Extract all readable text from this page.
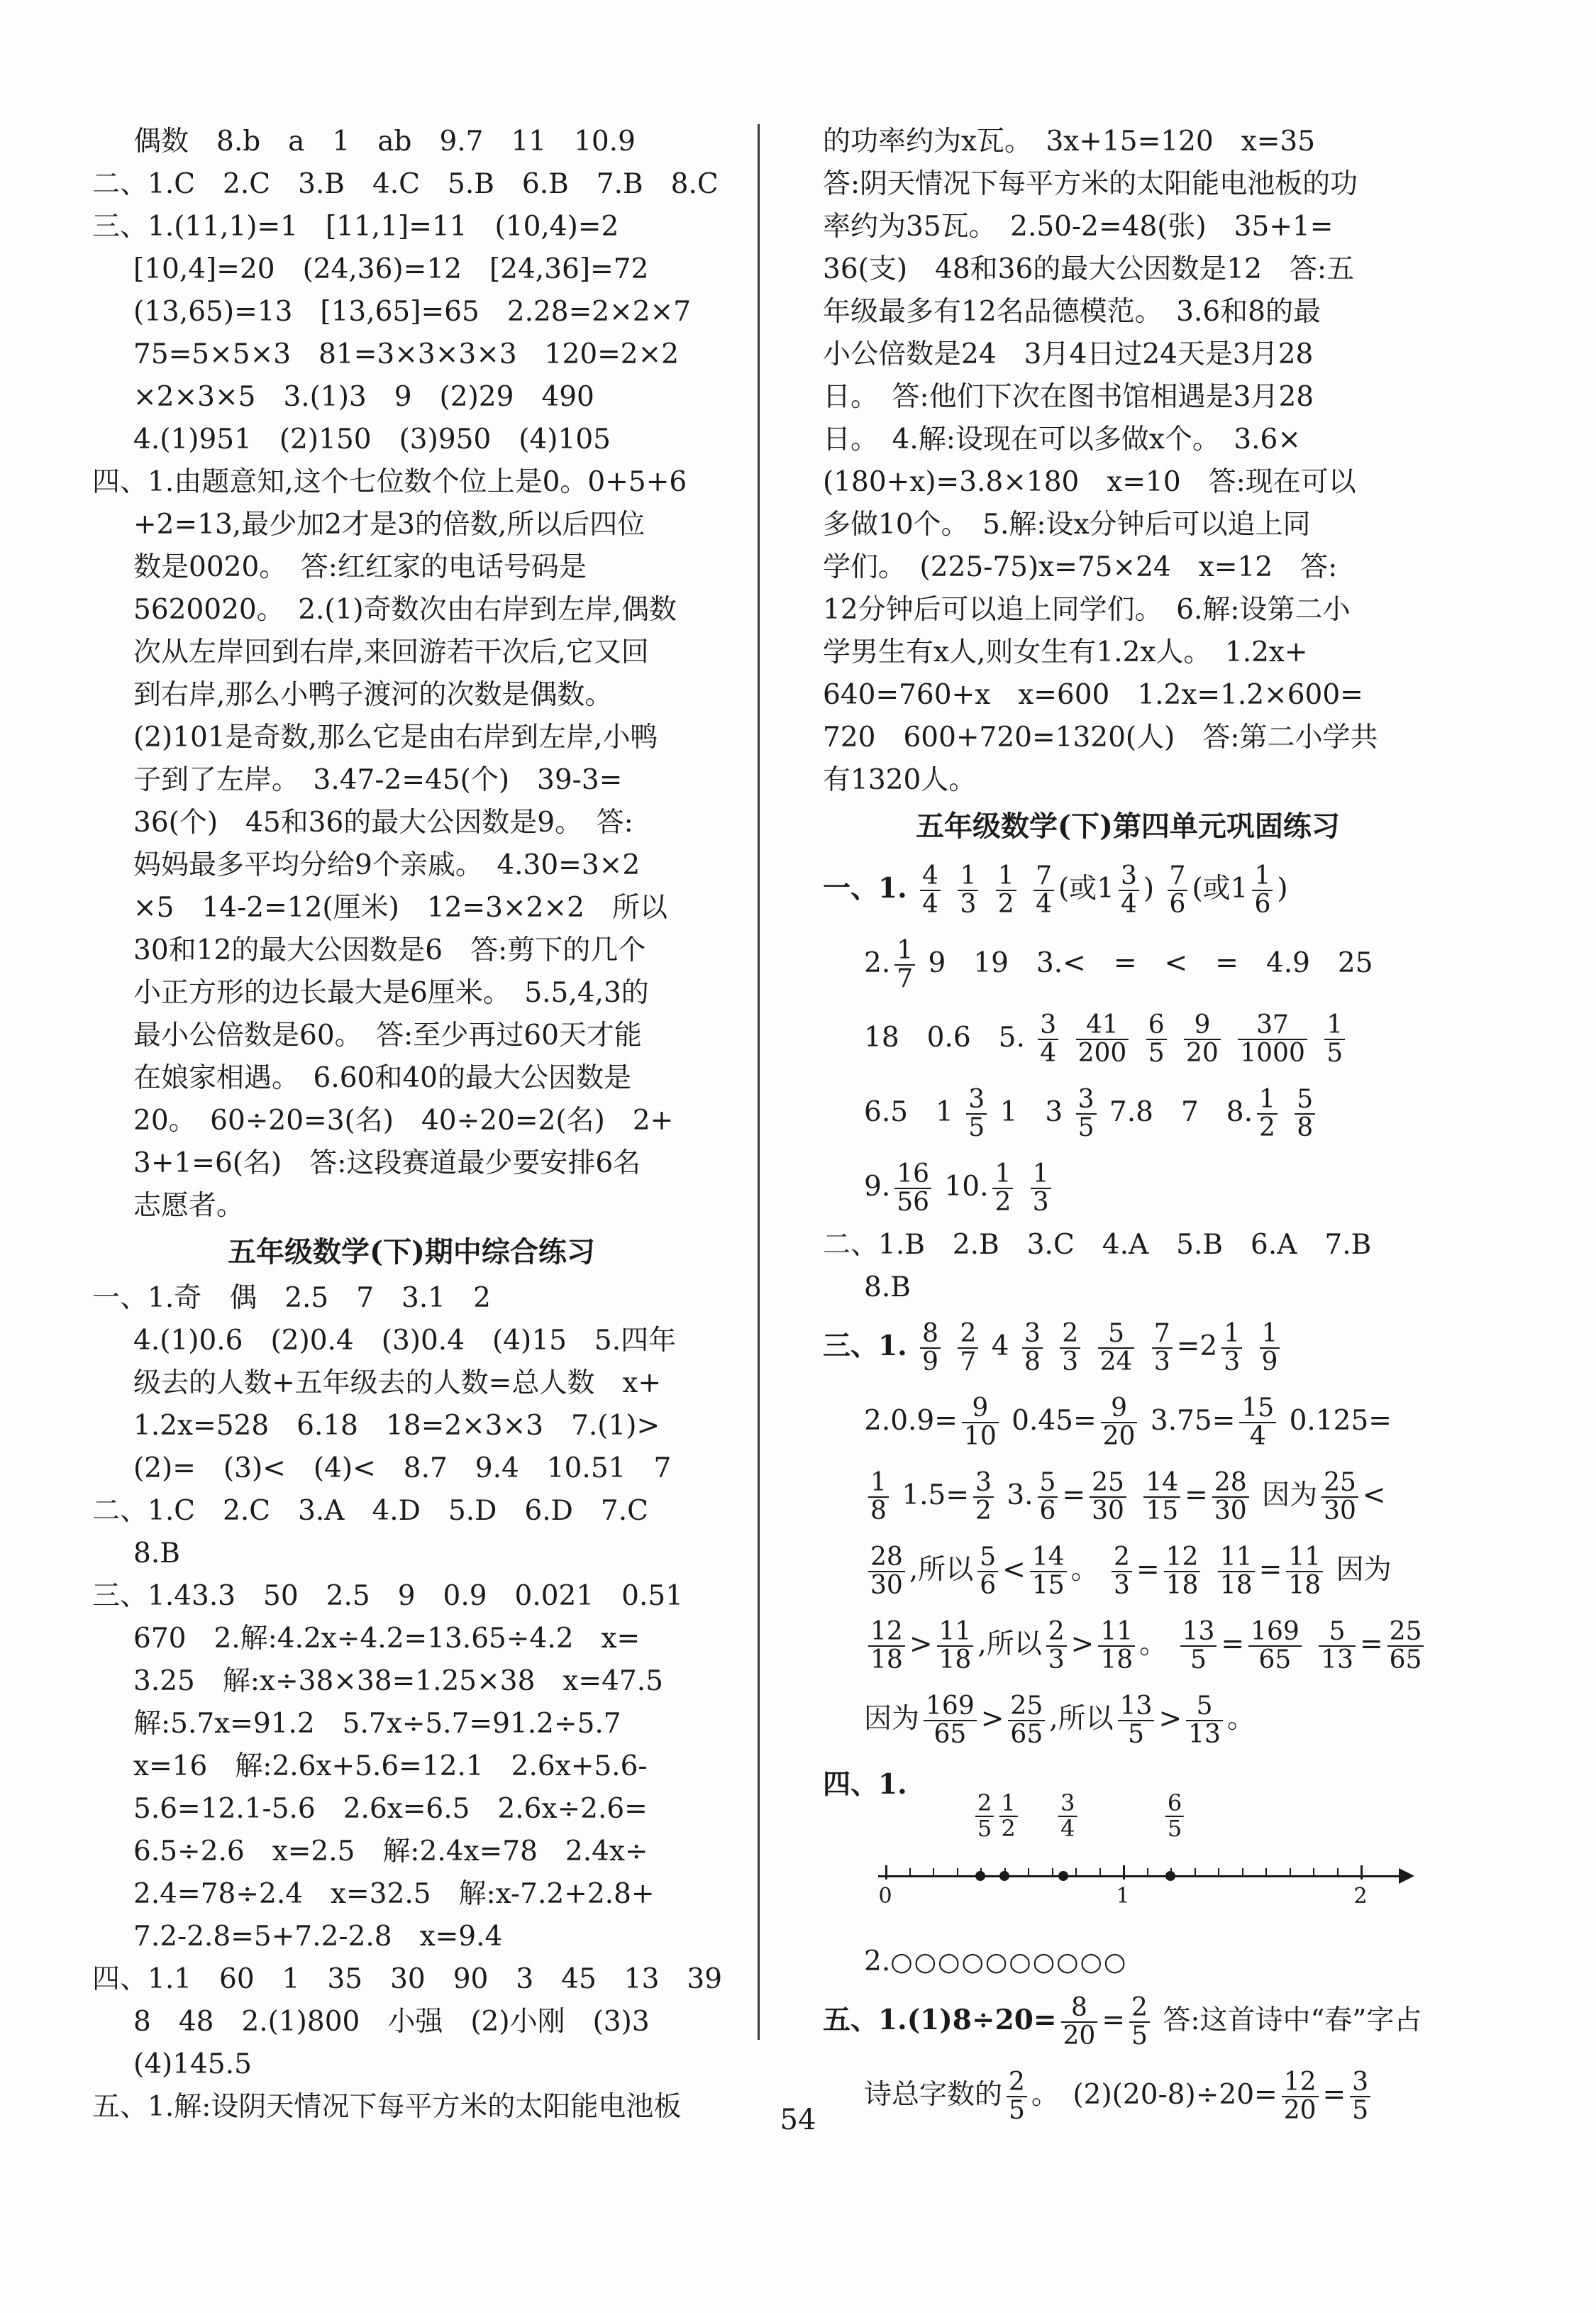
偶数　8.b　a　1　ab　9.7　11　10.9
二、1.C　2.C　3.B　4.C　5.B　6.B　7.B　8.C
三、1.(11,1)=1　[11,1]=11　(10,4)=2
[10,4]=20　(24,36)=12　[24,36]=72
(13,65)=13　[13,65]=65　2.28=2×2×7
75=5×5×3　81=3×3×3×3　120=2×2
×2×3×5　3.(1)3　9　(2)29　490
4.(1)951　(2)150　(3)950　(4)105
四、1.由题意知,这个七位数个位上是0。0+5+6
+2=13,最少加2才是3的倍数,所以后四位
数是0020。　答:红红家的电话号码是
5620020。　2.(1)奇数次由右岸到左岸,偶数
次从左岸回到右岸,来回游若干次后,它又回
到右岸,那么小鸭子渡河的次数是偶数。
(2)101是奇数,那么它是由右岸到左岸,小鸭
子到了左岸。　3.47-2=45(个)　39-3=
36(个)　45和36的最大公因数是9。　答:
妈妈最多平均分给9个亲戚。　4.30=3×2
×5　14-2=12(厘米)　12=3×2×2　所以
30和12的最大公因数是6　答:剪下的几个
小正方形的边长最大是6厘米。　5.5,4,3的
最小公倍数是60。　答:至少再过60天才能
在娘家相遇。　6.60和40的最大公因数是
20。　60÷20=3(名)　40÷20=2(名)　2+
3+1=6(名)　答:这段赛道最少要安排6名
志愿者。
五年级数学(下)期中综合练习
一、1.奇　偶　2.5　7　3.1　2
4.(1)0.6　(2)0.4　(3)0.4　(4)15　5.四年
级去的人数+五年级去的人数=总人数　x+
1.2x=528　6.18　18=2×3×3　7.(1)>
(2)=　(3)<　(4)<　8.7　9.4　10.51　7
二、1.C　2.C　3.A　4.D　5.D　6.D　7.C
8.B
三、1.43.3　50　2.5　9　0.9　0.021　0.51
670　2.解:4.2x÷4.2=13.65÷4.2　x=
3.25　解:x÷38×38=1.25×38　x=47.5
解:5.7x=91.2　5.7x÷5.7=91.2÷5.7
x=16　解:2.6x+5.6=12.1　2.6x+5.6-
5.6=12.1-5.6　2.6x=6.5　2.6x÷2.6=
6.5÷2.6　x=2.5　解:2.4x=78　2.4x÷
2.4=78÷2.4　x=32.5　解:x-7.2+2.8+
7.2-2.8=5+7.2-2.8　x=9.4
四、1.1　60　1　35　30　90　3　45　13　39
8　48　2.(1)800　小强　(2)小刚　(3)3
(4)145.5
五、1.解:设阴天情况下每平方米的太阳能电池板
的功率约为x瓦。　3x+15=120　x=35
答:阴天情况下每平方米的太阳能电池板的功
率约为35瓦。　2.50-2=48(张)　35+1=
36(支)　48和36的最大公因数是12　答:五
年级最多有12名品德模范。　3.6和8的最
小公倍数是24　3月4日过24天是3月28
日。　答:他们下次在图书馆相遇是3月28
日。　4.解:设现在可以多做x个。　3.6×
(180+x)=3.8×180　x=10　答:现在可以
多做10个。　5.解:设x分钟后可以追上同
学们。　(225-75)x=75×24　x=12　答:
12分钟后可以追上同学们。　6.解:设第二小
学男生有x人,则女生有1.2x人。　1.2x+
640=760+x　x=600　1.2x=1.2×600=
720　600+720=1320(人)　答:第二小学共
有1320人。
五年级数学(下)第四单元巩固练习
一、1. $\frac{4}{4}$
$\frac{1}{3}$
$\frac{1}{2}$
$\frac{7}{4}$ (或$1 \frac{3}{4}$ ) $\frac{7}{6}$ (或$1 \frac{1}{6}$ )
2. $\frac{1}{7} 9$　19　3.<　=　<　=　4.9　25
18　0.6　5. $\frac{3}{4}$
$\frac{41}{200}$
$\frac{6}{5}$
$\frac{9}{20}$
$\frac{37}{1000}$
$\frac{1}{5}$
6.5　$1 \frac{3}{5} 1$　$3 \frac{3}{5} 7.8$　7　8. $\frac{1}{2}$
$\frac{5}{8}$
9. $\frac{16}{56} 10$. $\frac{1}{2}$
$\frac{1}{3}$
二、1.B　2.B　3.C　4.A　5.B　6.A　7.B
8.B
三、1. $\frac{8}{9}$
$\frac{2}{7} 4 \frac{3}{8}$
$\frac{2}{3}$
$\frac{5}{24}$
$\frac{7}{3} =2 \frac{1}{3}$
$\frac{1}{9}$
$2.0.9= \frac{9}{10} 0.45= \frac{9}{20} 3.75= \frac{15}{4} 0.125=$
$\frac{1}{8} 1.5= \frac{3}{2} 3$. $\frac{5}{6} = \frac{25}{30}$
$\frac{14}{15} = \frac{28}{30}$ 因为 $\frac{25}{30}$ <
$\frac{28}{30}$ ,所以 $\frac{5}{6} < \frac{14}{15}$ 。 $\frac{2}{3} = \frac{12}{18}$
$\frac{11}{18} = \frac{11}{18}$ 因为
$\frac{12}{18} > \frac{11}{18}$ ,所以 $\frac{2}{3} > \frac{11}{18}$ 。 $\frac{13}{5} = \frac{169}{65}$
$\frac{5}{13} = \frac{25}{65}$
因为 $\frac{169}{65} > \frac{25}{65}$ ,所以 $\frac{13}{5} > \frac{5}{13}$ 。
四、1.
0	1	2
$\frac{2}{5} \frac{1}{2} \frac{3}{4}$	$\frac{6}{5}$
2.○○○○○○○○○○
五、$1.(1)8\div 20= \frac{8}{20} = \frac{2}{5}$ 答:这首诗中“春”字占
诗总字数的 $\frac{2}{5}$ 。　$(2)(20-8)\div 20= \frac{12}{20} = \frac{3}{5}$
54
